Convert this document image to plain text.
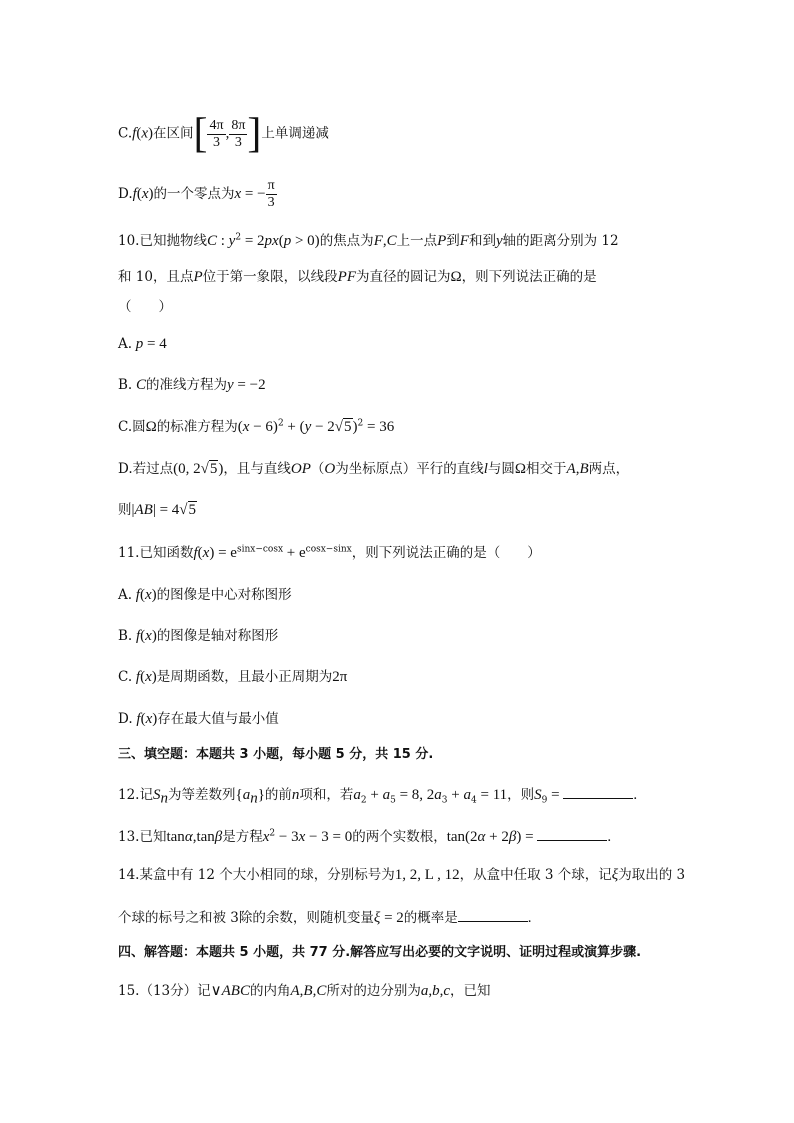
C.f(x)在区间[ $\frac{4\pi}{3}$ , $\frac{8\pi}{3}$ ]上单调递减
D.f(x)的一个零点为x = − $\frac{\pi}{3}$
10.已知抛物线C : $y^2 = 2px(p > 0)$的焦点为F,C上一点P到F和到y轴的距离分别为 12
和 10，且点P位于第一象限，以线段PF为直径的圆记为Ω，则下列说法正确的是
（　　）
A. p = 4
B. C的准线方程为y = −2
C.圆Ω的标准方程为$(x - 6)^2 + (y - 2√5)^2 = 36$
D.若过点(0, 2√5)，且与直线OP（O为坐标原点）平行的直线l与圆Ω相交于A,B两点，
则|AB| = 4√5
11.已知函数$f(x) = e^{sinx-cosx} + e^{cosx-sinx}$，则下列说法正确的是（　　）
A. f(x)的图像是中心对称图形
B. f(x)的图像是轴对称图形
C. f(x)是周期函数，且最小正周期为2π
D. f(x)存在最大值与最小值
三、填空题：本题共 3 小题，每小题 5 分，共 15 分.
12.记$S_n$为等差数列$\{a_n\}$的前n项和，若$a_2 + a_5 = 8$, $2a_3 + a_4 = 11$，则$S_9$ =	.
13.已知tanα,tanβ是方程$x^2 - 3x - 3 = 0$的两个实数根，tan(2α + 2β) =	.
14.某盒中有 12 个大小相同的球，分别标号为1, 2, L , 12，从盒中任取 3 个球，记ξ为取出的 3
个球的标号之和被 3除的余数，则随机变量ξ = 2的概率是	.
四、解答题：本题共 5 小题，共 77 分.解答应写出必要的文字说明、证明过程或演算步骤.
15.（13分）记∨ABC的内角A,B,C所对的边分别为a,b,c，已知
